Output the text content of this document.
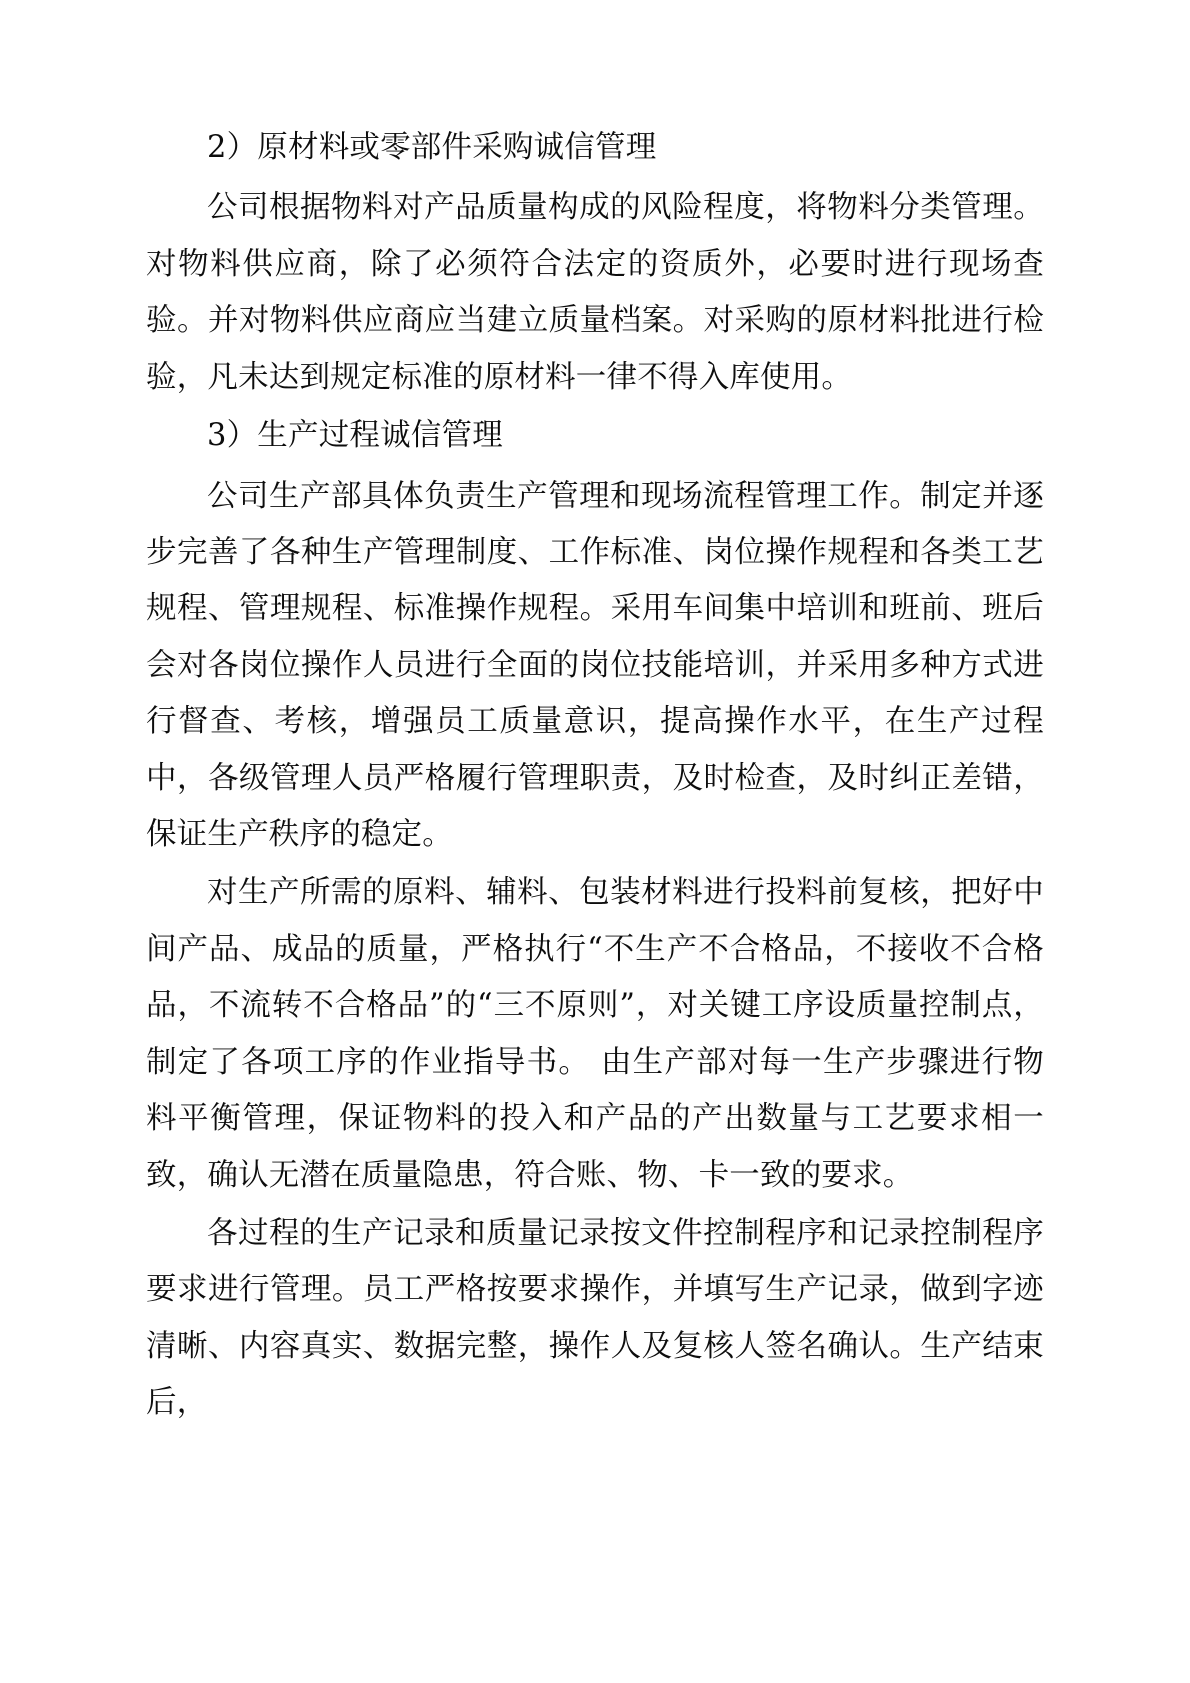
2）原材料或零部件采购诚信管理

公司根据物料对产品质量构成的风险程度，将物料分类管理。对物料供应商，除了必须符合法定的资质外，必要时进行现场查验。并对物料供应商应当建立质量档案。对采购的原材料批进行检验，凡未达到规定标准的原材料一律不得入库使用。

3）生产过程诚信管理

公司生产部具体负责生产管理和现场流程管理工作。制定并逐步完善了各种生产管理制度、工作标准、岗位操作规程和各类工艺规程、管理规程、标准操作规程。采用车间集中培训和班前、班后会对各岗位操作人员进行全面的岗位技能培训，并采用多种方式进行督查、考核，增强员工质量意识，提高操作水平，在生产过程中，各级管理人员严格履行管理职责，及时检查，及时纠正差错，保证生产秩序的稳定。

对生产所需的原料、辅料、包装材料进行投料前复核，把好中间产品、成品的质量，严格执行“不生产不合格品，不接收不合格品，不流转不合格品”的“三不原则”，对关键工序设质量控制点，制定了各项工序的作业指导书。 由生产部对每一生产步骤进行物料平衡管理，保证物料的投入和产品的产出数量与工艺要求相一致，确认无潜在质量隐患，符合账、物、卡一致的要求。

各过程的生产记录和质量记录按文件控制程序和记录控制程序要求进行管理。员工严格按要求操作，并填写生产记录，做到字迹清晰、内容真实、数据完整，操作人及复核人签名确认。生产结束后，
